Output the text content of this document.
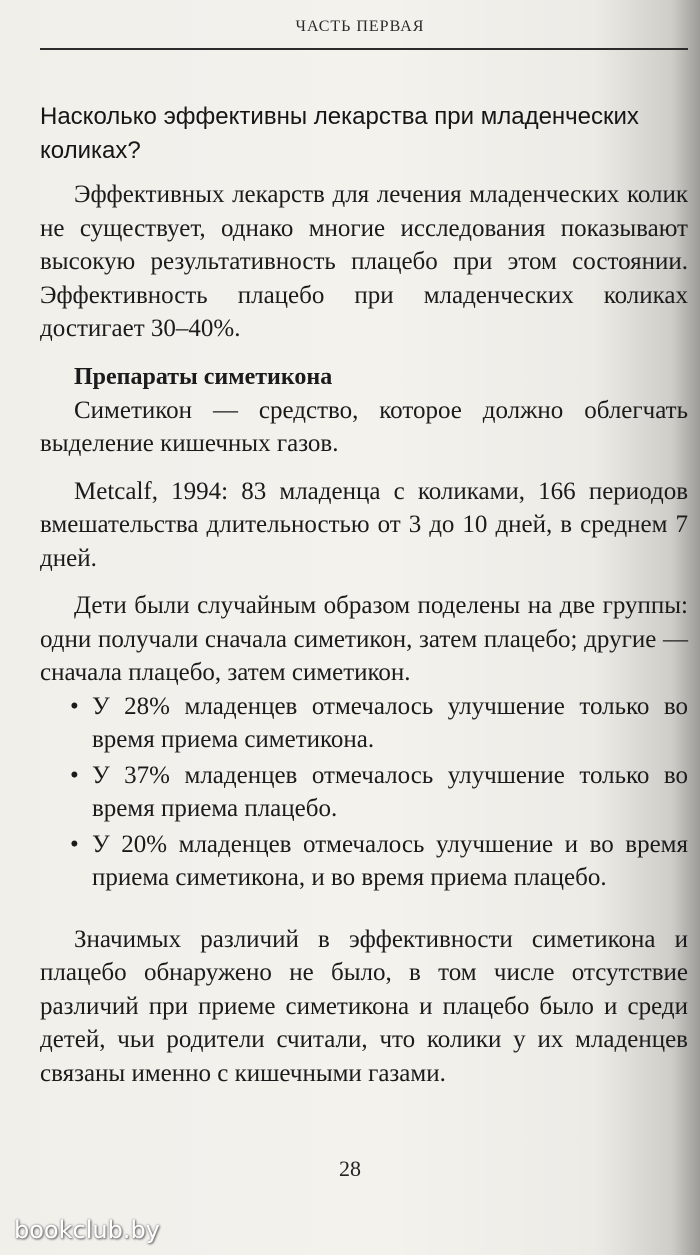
ЧАСТЬ ПЕРВАЯ
Насколько эффективны лекарства при младенческих коликах?

Эффективных лекарств для лечения младенческих колик не существует, однако многие исследования показывают высокую результативность плацебо при этом состоянии. Эффективность плацебо при младенческих коликах достигает 30–40%.

Препараты симетикона

Симетикон — средство, которое должно облегчать выделение кишечных газов.

Metcalf, 1994: 83 младенца с коликами, 166 периодов вмешательства длительностью от 3 до 10 дней, в среднем 7 дней.

Дети были случайным образом поделены на две группы: одни получали сначала симетикон, затем плацебо; другие — сначала плацебо, затем симетикон.

• У 28% младенцев отмечалось улучшение только во время приема симетикона.
• У 37% младенцев отмечалось улучшение только во время приема плацебо.
• У 20% младенцев отмечалось улучшение и во время приема симетикона, и во время приема плацебо.

Значимых различий в эффективности симетикона и плацебо обнаружено не было, в том числе отсутствие различий при приеме симетикона и плацебо было и среди детей, чьи родители считали, что колики у их младенцев связаны именно с кишечными газами.

28
bookclub.by
